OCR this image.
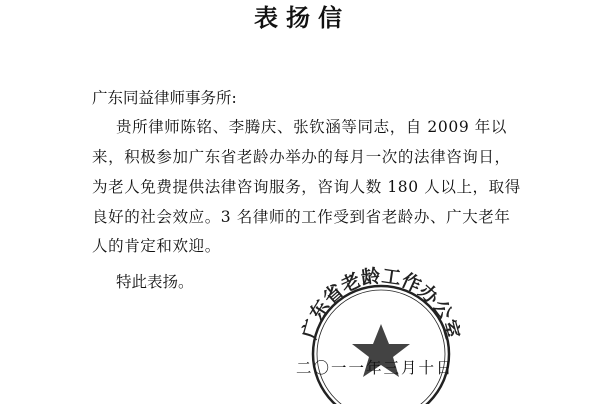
表扬信
广东同益律师事务所:
贵所律师陈铭、李腾庆、张钦涵等同志，自 2009 年以
来，积极参加广东省老龄办举办的每月一次的法律咨询日，
为老人免费提供法律咨询服务，咨询人数 180 人以上，取得
良好的社会效应。3 名律师的工作受到省老龄办、广大老年
人的肯定和欢迎。
特此表扬。
广东省老龄工作办公室
二〇一一年三月十日
